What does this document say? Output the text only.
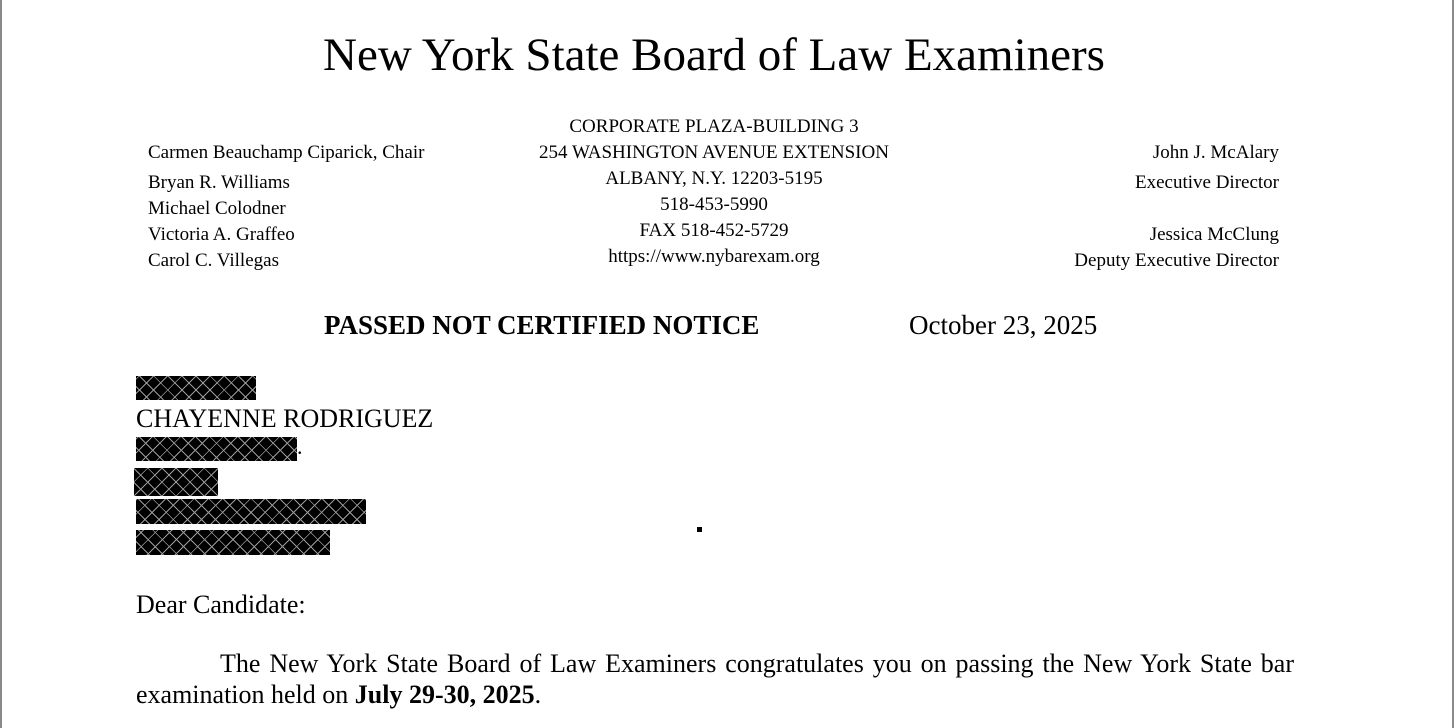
New York State Board of Law Examiners
Carmen Beauchamp Ciparick, Chair
Bryan R. Williams
Michael Colodner
Victoria A. Graffeo
Carol C. Villegas
CORPORATE PLAZA-BUILDING 3
254 WASHINGTON AVENUE EXTENSION
ALBANY, N.Y. 12203-5195
518-453-5990
FAX 518-452-5729
https://www.nybarexam.org
John J. McAlary
Executive Director
Jessica McClung
Deputy Executive Director
PASSED NOT CERTIFIED NOTICE	October 23, 2025
CHAYENNE RODRIGUEZ
.
Dear Candidate:
The New York State Board of Law Examiners congratulates you on passing the New York State bar examination held on July 29-30, 2025.
